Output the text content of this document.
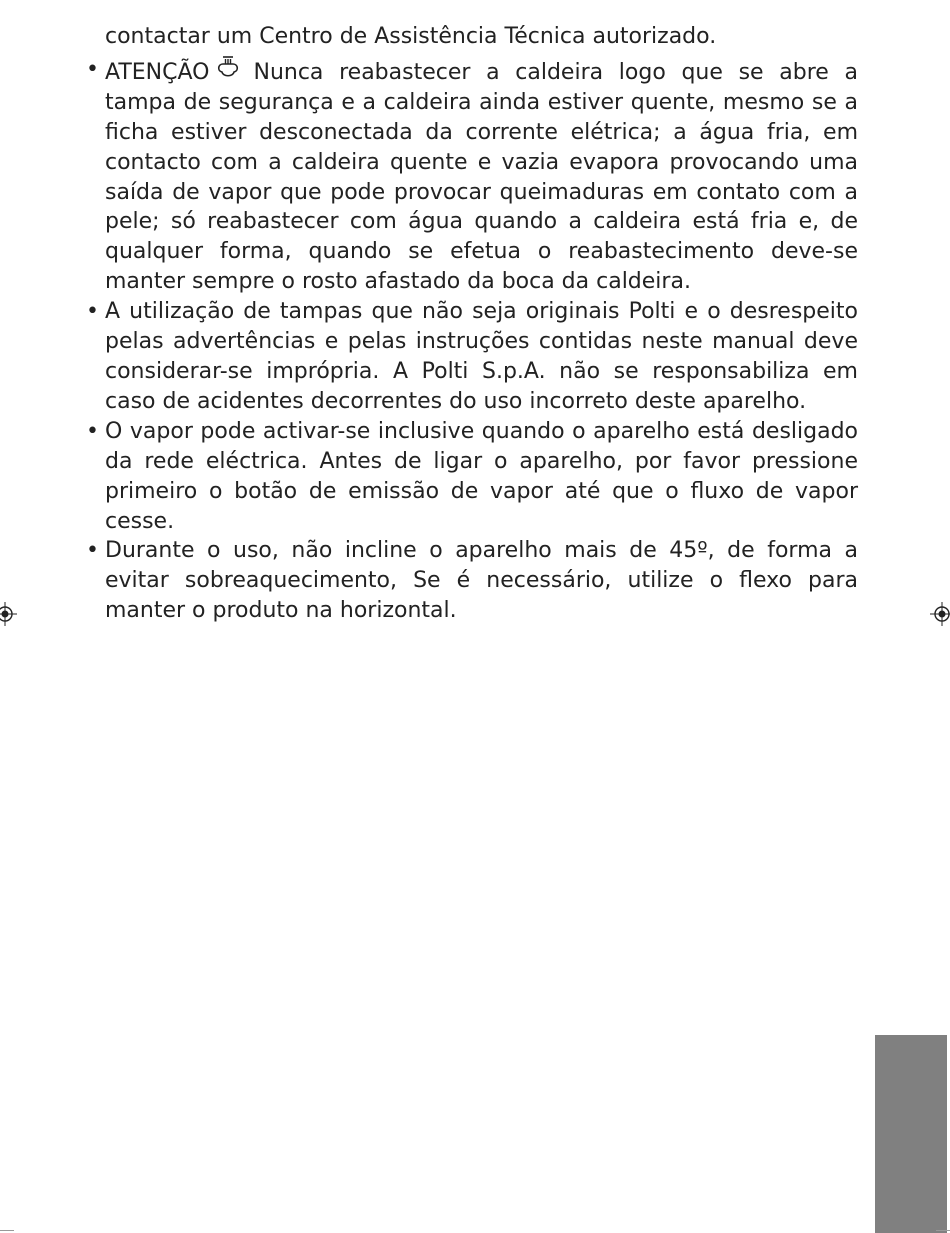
contactar um Centro de Assistência Técnica autorizado.

• ATENÇÃO Nunca reabastecer a caldeira logo que se abre a tampa de segurança e a caldeira ainda estiver quente, mesmo se a ficha estiver desconectada da corrente elétrica; a água fria, em contacto com a caldeira quente e vazia evapora provocando uma saída de vapor que pode provocar queimaduras em contato com a pele; só reabastecer com água quando a caldeira está fria e, de qualquer forma, quando se efetua o reabastecimento deve-se manter sempre o rosto afastado da boca da caldeira.
• A utilização de tampas que não seja originais Polti e o desrespeito pelas advertências e pelas instruções contidas neste manual deve considerar-se imprópria. A Polti S.p.A. não se responsabiliza em caso de acidentes decorrentes do uso incorreto deste aparelho.
• O vapor pode activar-se inclusive quando o aparelho está desligado da rede eléctrica. Antes de ligar o aparelho, por favor pressione primeiro o botão de emissão de vapor até que o fluxo de vapor cesse.
• Durante o uso, não incline o aparelho mais de 45º, de forma a evitar sobreaquecimento, Se é necessário, utilize o flexo para manter o produto na horizontal.
